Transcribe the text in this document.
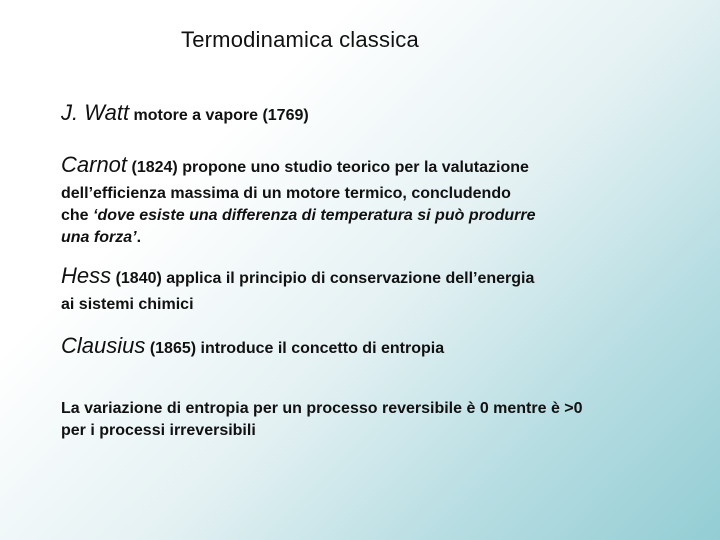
Termodinamica classica
J. Watt motore a vapore (1769)
Carnot (1824) propone uno studio teorico per la valutazione
dell’efficienza massima di un motore termico, concludendo
che ‘dove esiste una differenza di temperatura si può produrre
una forza’.
Hess (1840) applica il principio di conservazione dell’energia
ai sistemi chimici
Clausius (1865) introduce il concetto di entropia
La variazione di entropia per un processo reversibile è 0 mentre è >0
per i processi irreversibili
